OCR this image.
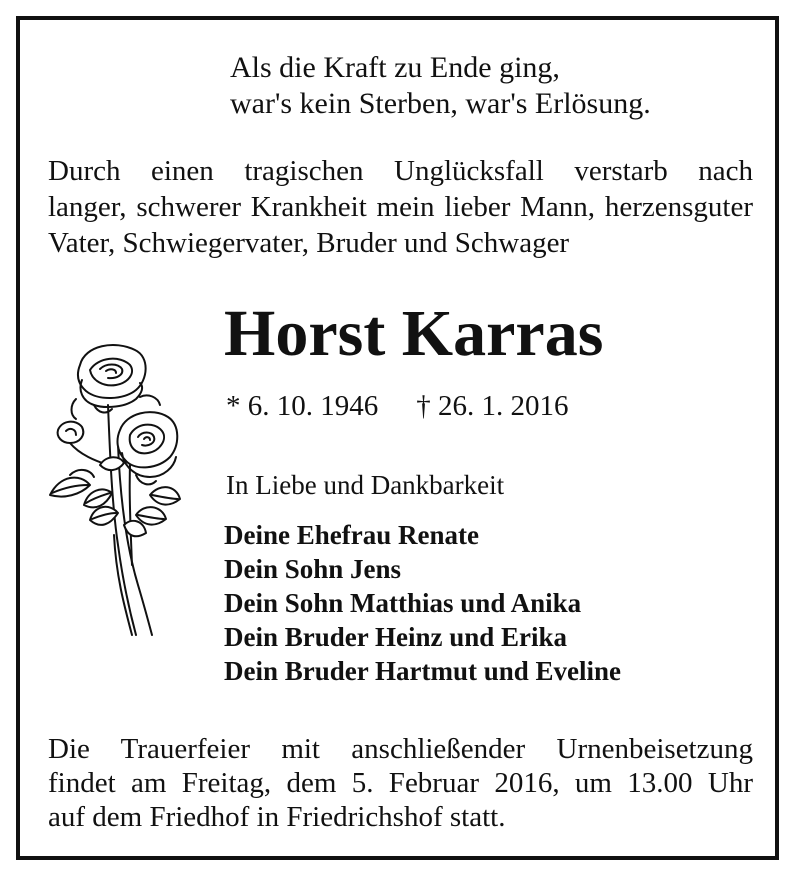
Als die Kraft zu Ende ging,
war's kein Sterben, war's Erlösung.
Durch einen tragischen Unglücksfall verstarb nach
langer, schwerer Krankheit mein lieber Mann, herzensguter
Vater, Schwiegervater, Bruder und Schwager
Horst Karras
* 6. 10. 1946 † 26. 1. 2016
In Liebe und Dankbarkeit
Deine Ehefrau Renate
Dein Sohn Jens
Dein Sohn Matthias und Anika
Dein Bruder Heinz und Erika
Dein Bruder Hartmut und Eveline
Die Trauerfeier mit anschließender Urnenbeisetzung
findet am Freitag, dem 5. Februar 2016, um 13.00 Uhr
auf dem Friedhof in Friedrichshof statt.
